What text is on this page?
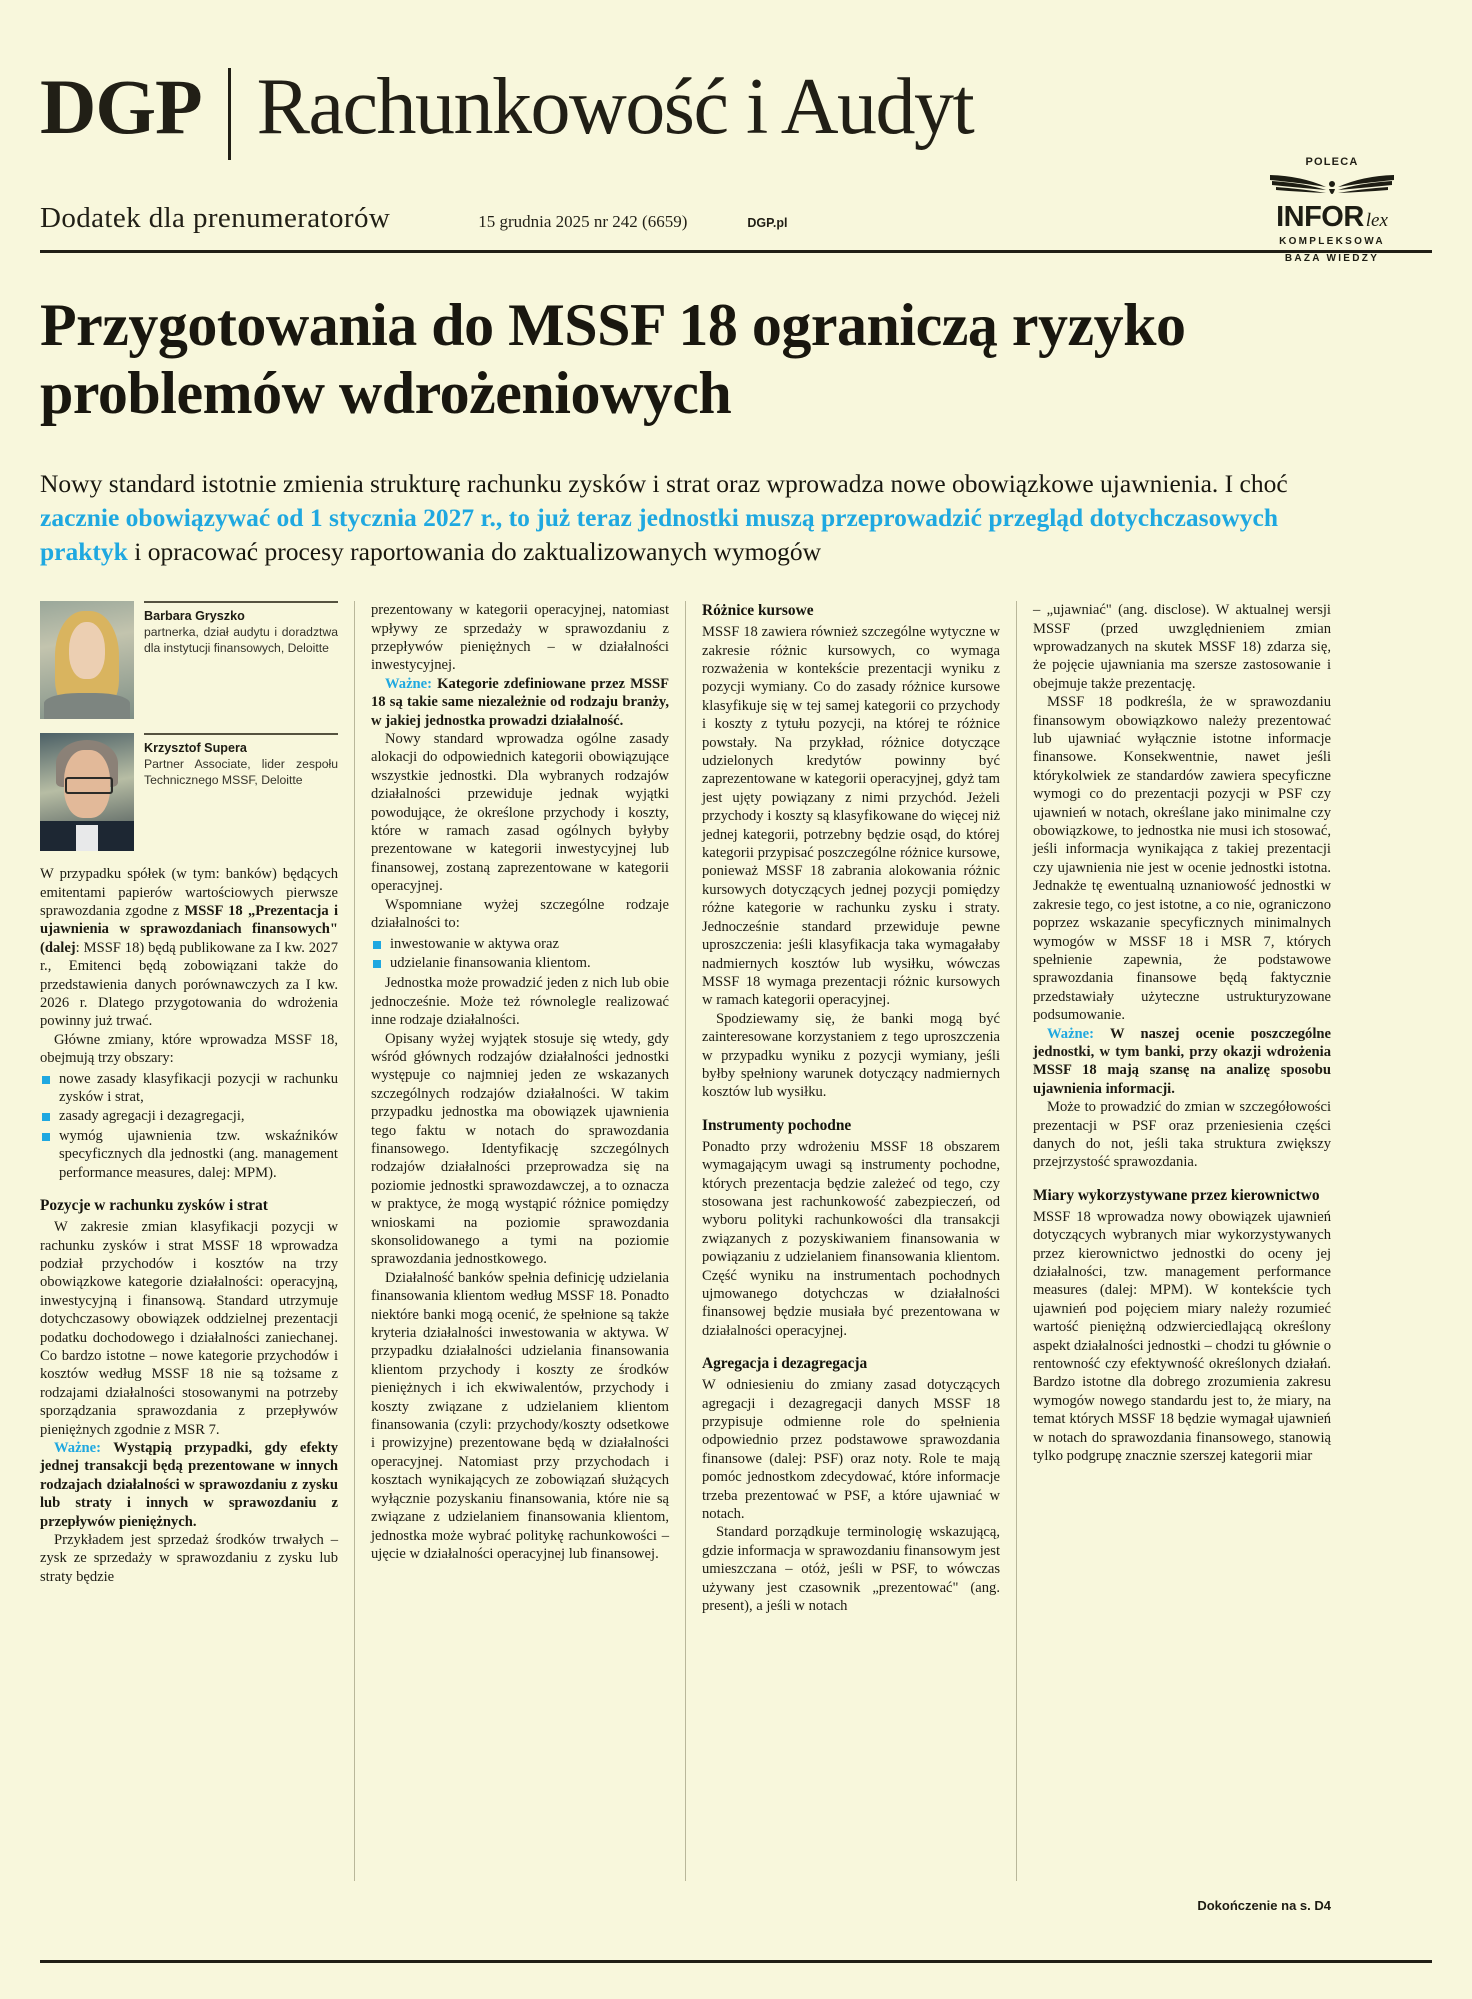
DGP Rachunkowość i Audyt
POLECA
INFOR lex
KOMPLEKSOWA
BAZA WIEDZY
Dodatek dla prenumeratorów	15 grudnia 2025 nr 242 (6659)	DGP.pl
Przygotowania do MSSF 18 ograniczą ryzyko problemów wdrożeniowych
Nowy standard istotnie zmienia strukturę rachunku zysków i strat oraz wprowadza nowe obowiązkowe ujawnienia. I choć zacznie obowiązywać od 1 stycznia 2027 r., to już teraz jednostki muszą przeprowadzić przegląd dotychczasowych praktyk i opracować procesy raportowania do zaktualizowanych wymogów
Barbara Gryszko
partnerka, dział audytu i doradztwa dla instytucji finansowych, Deloitte
Krzysztof Supera
Partner Associate, lider zespołu Technicznego MSSF, Deloitte

W przypadku spółek (w tym: banków) będących emitentami papierów wartościowych pierwsze sprawozdania zgodne z MSSF 18 „Prezentacja i ujawnienia w sprawozdaniach finansowych" (dalej: MSSF 18) będą publikowane za I kw. 2027 r., Emitenci będą zobowiązani także do przedstawienia danych porównawczych za I kw. 2026 r. Dlatego przygotowania do wdrożenia powinny już trwać.

Główne zmiany, które wprowadza MSSF 18, obejmują trzy obszary:

nowe zasady klasyfikacji pozycji w rachunku zysków i strat,
zasady agregacji i dezagregacji,
wymóg ujawnienia tzw. wskaźników specyficznych dla jednostki (ang. management performance measures, dalej: MPM).
Pozycje w rachunku zysków i strat

W zakresie zmian klasyfikacji pozycji w rachunku zysków i strat MSSF 18 wprowadza podział przychodów i kosztów na trzy obowiązkowe kategorie działalności: operacyjną, inwestycyjną i finansową. Standard utrzymuje dotychczasowy obowiązek oddzielnej prezentacji podatku dochodowego i działalności zaniechanej. Co bardzo istotne – nowe kategorie przychodów i kosztów według MSSF 18 nie są tożsame z rodzajami działalności stosowanymi na potrzeby sporządzania sprawozdania z przepływów pieniężnych zgodnie z MSR 7.

Ważne: Wystąpią przypadki, gdy efekty jednej transakcji będą prezentowane w innych rodzajach działalności w sprawozdaniu z zysku lub straty i innych w sprawozdaniu z przepływów pieniężnych.

Przykładem jest sprzedaż środków trwałych – zysk ze sprzedaży w sprawozdaniu z zysku lub straty będzie

prezentowany w kategorii operacyjnej, natomiast wpływy ze sprzedaży w sprawozdaniu z przepływów pieniężnych – w działalności inwestycyjnej.

Ważne: Kategorie zdefiniowane przez MSSF 18 są takie same niezależnie od rodzaju branży, w jakiej jednostka prowadzi działalność.

Nowy standard wprowadza ogólne zasady alokacji do odpowiednich kategorii obowiązujące wszystkie jednostki. Dla wybranych rodzajów działalności przewiduje jednak wyjątki powodujące, że określone przychody i koszty, które w ramach zasad ogólnych byłyby prezentowane w kategorii inwestycyjnej lub finansowej, zostaną zaprezentowane w kategorii operacyjnej.

Wspomniane wyżej szczególne rodzaje działalności to:

inwestowanie w aktywa oraz
udzielanie finansowania klientom.

Jednostka może prowadzić jeden z nich lub obie jednocześnie. Może też równolegle realizować inne rodzaje działalności.

Opisany wyżej wyjątek stosuje się wtedy, gdy wśród głównych rodzajów działalności jednostki występuje co najmniej jeden ze wskazanych szczególnych rodzajów działalności. W takim przypadku jednostka ma obowiązek ujawnienia tego faktu w notach do sprawozdania finansowego. Identyfikację szczególnych rodzajów działalności przeprowadza się na poziomie jednostki sprawozdawczej, a to oznacza w praktyce, że mogą wystąpić różnice pomiędzy wnioskami na poziomie sprawozdania skonsolidowanego a tymi na poziomie sprawozdania jednostkowego.

Działalność banków spełnia definicję udzielania finansowania klientom według MSSF 18. Ponadto niektóre banki mogą ocenić, że spełnione są także kryteria działalności inwestowania w aktywa. W przypadku działalności udzielania finansowania klientom przychody i koszty ze środków pieniężnych i ich ekwiwalentów, przychody i koszty związane z udzielaniem klientom finansowania (czyli: przychody/koszty odsetkowe i prowizyjne) prezentowane będą w działalności operacyjnej. Natomiast przy przychodach i kosztach wynikających ze zobowiązań służących wyłącznie pozyskaniu finansowania, które nie są związane z udzielaniem finansowania klientom, jednostka może wybrać politykę rachunkowości – ujęcie w działalności operacyjnej lub finansowej.

Różnice kursowe

MSSF 18 zawiera również szczególne wytyczne w zakresie różnic kursowych, co wymaga rozważenia w kontekście prezentacji wyniku z pozycji wymiany. Co do zasady różnice kursowe klasyfikuje się w tej samej kategorii co przychody i koszty z tytułu pozycji, na której te różnice powstały. Na przykład, różnice dotyczące udzielonych kredytów powinny być zaprezentowane w kategorii operacyjnej, gdyż tam jest ujęty powiązany z nimi przychód. Jeżeli przychody i koszty są klasyfikowane do więcej niż jednej kategorii, potrzebny będzie osąd, do której kategorii przypisać poszczególne różnice kursowe, ponieważ MSSF 18 zabrania alokowania różnic kursowych dotyczących jednej pozycji pomiędzy różne kategorie w rachunku zysku i straty. Jednocześnie standard przewiduje pewne uproszczenia: jeśli klasyfikacja taka wymagałaby nadmiernych kosztów lub wysiłku, wówczas MSSF 18 wymaga prezentacji różnic kursowych w ramach kategorii operacyjnej.

Spodziewamy się, że banki mogą być zainteresowane korzystaniem z tego uproszczenia w przypadku wyniku z pozycji wymiany, jeśli byłby spełniony warunek dotyczący nadmiernych kosztów lub wysiłku.

Instrumenty pochodne

Ponadto przy wdrożeniu MSSF 18 obszarem wymagającym uwagi są instrumenty pochodne, których prezentacja będzie zależeć od tego, czy stosowana jest rachunkowość zabezpieczeń, od wyboru polityki rachunkowości dla transakcji związanych z pozyskiwaniem finansowania w powiązaniu z udzielaniem finansowania klientom. Część wyniku na instrumentach pochodnych ujmowanego dotychczas w działalności finansowej będzie musiała być prezentowana w działalności operacyjnej.

Agregacja i dezagregacja

W odniesieniu do zmiany zasad dotyczących agregacji i dezagregacji danych MSSF 18 przypisuje odmienne role do spełnienia odpowiednio przez podstawowe sprawozdania finansowe (dalej: PSF) oraz noty. Role te mają pomóc jednostkom zdecydować, które informacje trzeba prezentować w PSF, a które ujawniać w notach.

Standard porządkuje terminologię wskazującą, gdzie informacja w sprawozdaniu finansowym jest umieszczana – otóż, jeśli w PSF, to wówczas używany jest czasownik „prezentować" (ang. present), a jeśli w notach

– „ujawniać" (ang. disclose). W aktualnej wersji MSSF (przed uwzględnieniem zmian wprowadzanych na skutek MSSF 18) zdarza się, że pojęcie ujawniania ma szersze zastosowanie i obejmuje także prezentację.

MSSF 18 podkreśla, że w sprawozdaniu finansowym obowiązkowo należy prezentować lub ujawniać wyłącznie istotne informacje finansowe. Konsekwentnie, nawet jeśli którykolwiek ze standardów zawiera specyficzne wymogi co do prezentacji pozycji w PSF czy ujawnień w notach, określane jako minimalne czy obowiązkowe, to jednostka nie musi ich stosować, jeśli informacja wynikająca z takiej prezentacji czy ujawnienia nie jest w ocenie jednostki istotna. Jednakże tę ewentualną uznaniowość jednostki w zakresie tego, co jest istotne, a co nie, ograniczono poprzez wskazanie specyficznych minimalnych wymogów w MSSF 18 i MSR 7, których spełnienie zapewnia, że podstawowe sprawozdania finansowe będą faktycznie przedstawiały użyteczne ustrukturyzowane podsumowanie.

Ważne: W naszej ocenie poszczególne jednostki, w tym banki, przy okazji wdrożenia MSSF 18 mają szansę na analizę sposobu ujawnienia informacji.

Może to prowadzić do zmian w szczegółowości prezentacji w PSF oraz przeniesienia części danych do not, jeśli taka struktura zwiększy przejrzystość sprawozdania.

Miary wykorzystywane przez kierownictwo

MSSF 18 wprowadza nowy obowiązek ujawnień dotyczących wybranych miar wykorzystywanych przez kierownictwo jednostki do oceny jej działalności, tzw. management performance measures (dalej: MPM). W kontekście tych ujawnień pod pojęciem miary należy rozumieć wartość pieniężną odzwierciedlającą określony aspekt działalności jednostki – chodzi tu głównie o rentowność czy efektywność określonych działań. Bardzo istotne dla dobrego zrozumienia zakresu wymogów nowego standardu jest to, że miary, na temat których MSSF 18 będzie wymagał ujawnień w notach do sprawozdania finansowego, stanowią tylko podgrupę znacznie szerszej kategorii miar

Dokończenie na s. D4
